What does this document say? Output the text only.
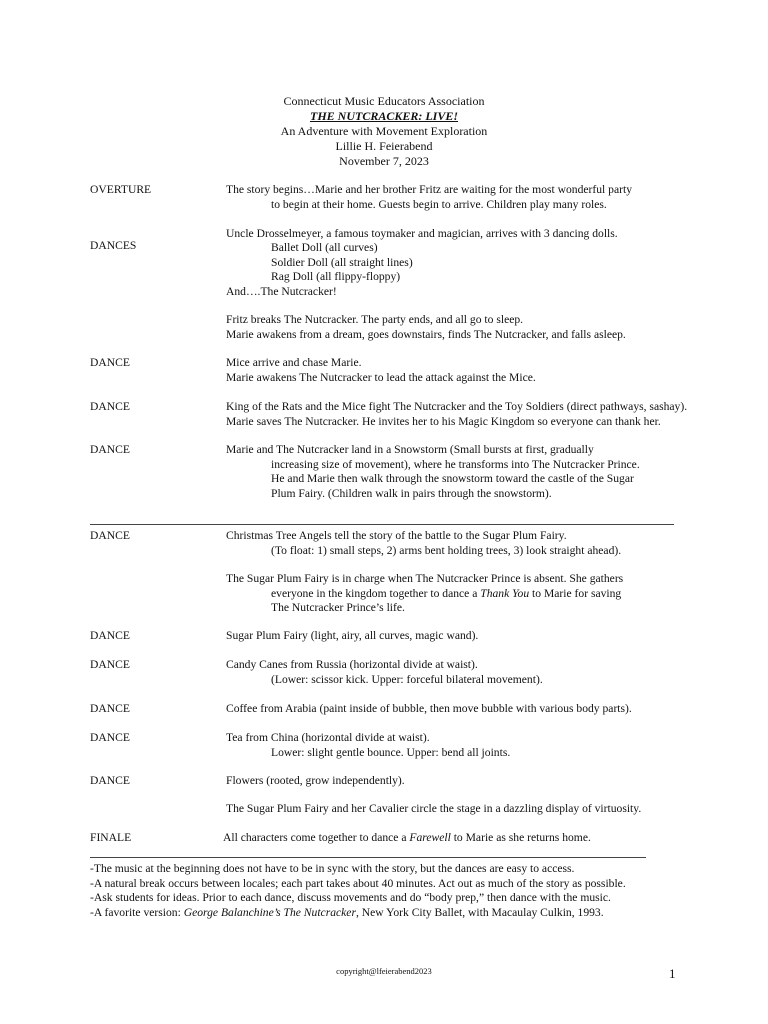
Connecticut Music Educators Association
THE NUTCRACKER: LIVE!
An Adventure with Movement Exploration
Lillie H. Feierabend
November 7, 2023
OVERTURE	The story begins…Marie and her brother Fritz are waiting for the most wonderful party
to begin at their home. Guests begin to arrive. Children play many roles.
Uncle Drosselmeyer, a famous toymaker and magician, arrives with 3 dancing dolls.
DANCES	Ballet Doll (all curves)
Soldier Doll (all straight lines)
Rag Doll (all flippy-floppy)
And….The Nutcracker!
Fritz breaks The Nutcracker. The party ends, and all go to sleep.
Marie awakens from a dream, goes downstairs, finds The Nutcracker, and falls asleep.
DANCE	Mice arrive and chase Marie.
Marie awakens The Nutcracker to lead the attack against the Mice.
DANCE	King of the Rats and the Mice fight The Nutcracker and the Toy Soldiers (direct pathways, sashay).
Marie saves The Nutcracker. He invites her to his Magic Kingdom so everyone can thank her.
DANCE	Marie and The Nutcracker land in a Snowstorm (Small bursts at first, gradually
increasing size of movement), where he transforms into The Nutcracker Prince.
He and Marie then walk through the snowstorm toward the castle of the Sugar
Plum Fairy. (Children walk in pairs through the snowstorm).
DANCE	Christmas Tree Angels tell the story of the battle to the Sugar Plum Fairy.
(To float: 1) small steps, 2) arms bent holding trees, 3) look straight ahead).
The Sugar Plum Fairy is in charge when The Nutcracker Prince is absent. She gathers
everyone in the kingdom together to dance a Thank You to Marie for saving
The Nutcracker Prince’s life.
DANCE	Sugar Plum Fairy (light, airy, all curves, magic wand).
DANCE	Candy Canes from Russia (horizontal divide at waist).
(Lower: scissor kick. Upper: forceful bilateral movement).
DANCE	Coffee from Arabia (paint inside of bubble, then move bubble with various body parts).
DANCE	Tea from China (horizontal divide at waist).
Lower: slight gentle bounce. Upper: bend all joints.
DANCE	Flowers (rooted, grow independently).
The Sugar Plum Fairy and her Cavalier circle the stage in a dazzling display of virtuosity.
FINALE	All characters come together to dance a Farewell to Marie as she returns home.
-The music at the beginning does not have to be in sync with the story, but the dances are easy to access.
-A natural break occurs between locales; each part takes about 40 minutes. Act out as much of the story as possible.
-Ask students for ideas. Prior to each dance, discuss movements and do “body prep,” then dance with the music.
-A favorite version: George Balanchine’s The Nutcracker, New York City Ballet, with Macaulay Culkin, 1993.
copyright@lfeierabend2023	1
